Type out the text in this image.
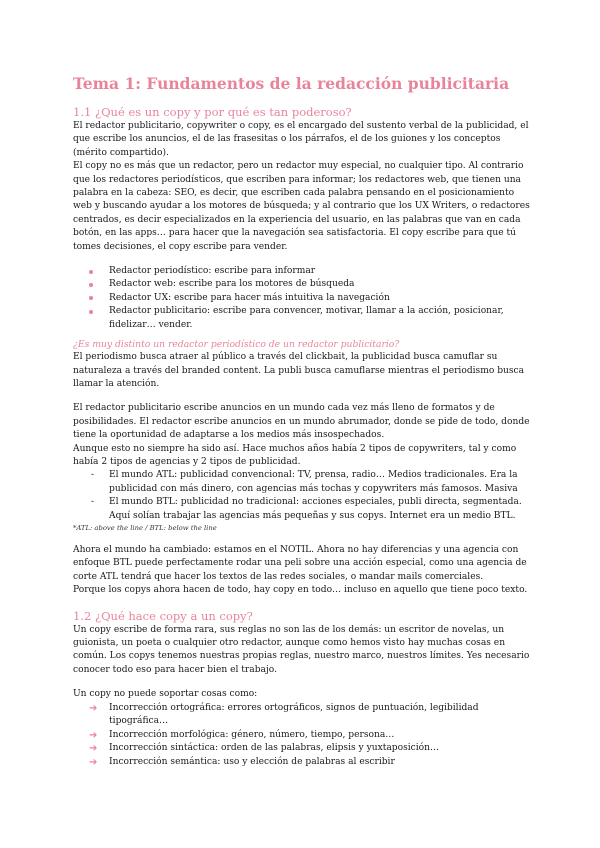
Tema 1: Fundamentos de la redacción publicitaria
1.1 ¿Qué es un copy y por qué es tan poderoso?

El redactor publicitario, copywriter o copy, es el encargado del sustento verbal de la publicidad, el que escribe los anuncios, el de las frasesitas o los párrafos, el de los guiones y los conceptos (mérito compartido).

El copy no es más que un redactor, pero un redactor muy especial, no cualquier tipo. Al contrario que los redactores periodísticos, que escriben para informar; los redactores web, que tienen una palabra en la cabeza: SEO, es decir, que escriben cada palabra pensando en el posicionamiento web y buscando ayudar a los motores de búsqueda; y al contrario que los UX Writers, o redactores centrados, es decir especializados en la experiencia del usuario, en las palabras que van en cada botón, en las apps… para hacer que la navegación sea satisfactoria. El copy escribe para que tú tomes decisiones, el copy escribe para vender.

Redactor periodístico: escribe para informar
Redactor web: escribe para los motores de búsqueda
Redactor UX: escribe para hacer más intuitiva la navegación
Redactor publicitario: escribe para convencer, motivar, llamar a la acción, posicionar, fidelizar… vender.
¿Es muy distinto un redactor periodístico de un redactor publicitario?

El periodismo busca atraer al público a través del clickbait, la publicidad busca camuflar su naturaleza a través del branded content. La publi busca camuflarse mientras el periodismo busca llamar la atención.

El redactor publicitario escribe anuncios en un mundo cada vez más lleno de formatos y de posibilidades. El redactor escribe anuncios en un mundo abrumador, donde se pide de todo, donde tiene la oportunidad de adaptarse a los medios más insospechados.

Aunque esto no siempre ha sido así. Hace muchos años había 2 tipos de copywriters, tal y como había 2 tipos de agencias y 2 tipos de publicidad.

- El mundo ATL: publicidad convencional: TV, prensa, radio… Medios tradicionales. Era la publicidad con más dinero, con agencias más tochas y copywriters más famosos. Masiva
- El mundo BTL: publicidad no tradicional: acciones especiales, publi directa, segmentada. Aquí solían trabajar las agencias más pequeñas y sus copys. Internet era un medio BTL.
*ATL: above the line / BTL: below the line

Ahora el mundo ha cambiado: estamos en el NOTIL. Ahora no hay diferencias y una agencia con enfoque BTL puede perfectamente rodar una peli sobre una acción especial, como una agencia de corte ATL tendrá que hacer los textos de las redes sociales, o mandar mails comerciales.

Porque los copys ahora hacen de todo, hay copy en todo… incluso en aquello que tiene poco texto.

1.2 ¿Qué hace copy a un copy?

Un copy escribe de forma rara, sus reglas no son las de los demás: un escritor de novelas, un guionista, un poeta o cualquier otro redactor, aunque como hemos visto hay muchas cosas en común. Los copys tenemos nuestras propias reglas, nuestro marco, nuestros límites. Yes necesario conocer todo eso para hacer bien el trabajo.

Un copy no puede soportar cosas como:

➔ Incorrección ortográfica: errores ortográficos, signos de puntuación, legibilidad tipográfica…
➔ Incorrección morfológica: género, número, tiempo, persona…
➔ Incorrección sintáctica: orden de las palabras, elipsis y yuxtaposición…
➔ Incorrección semántica: uso y elección de palabras al escribir
